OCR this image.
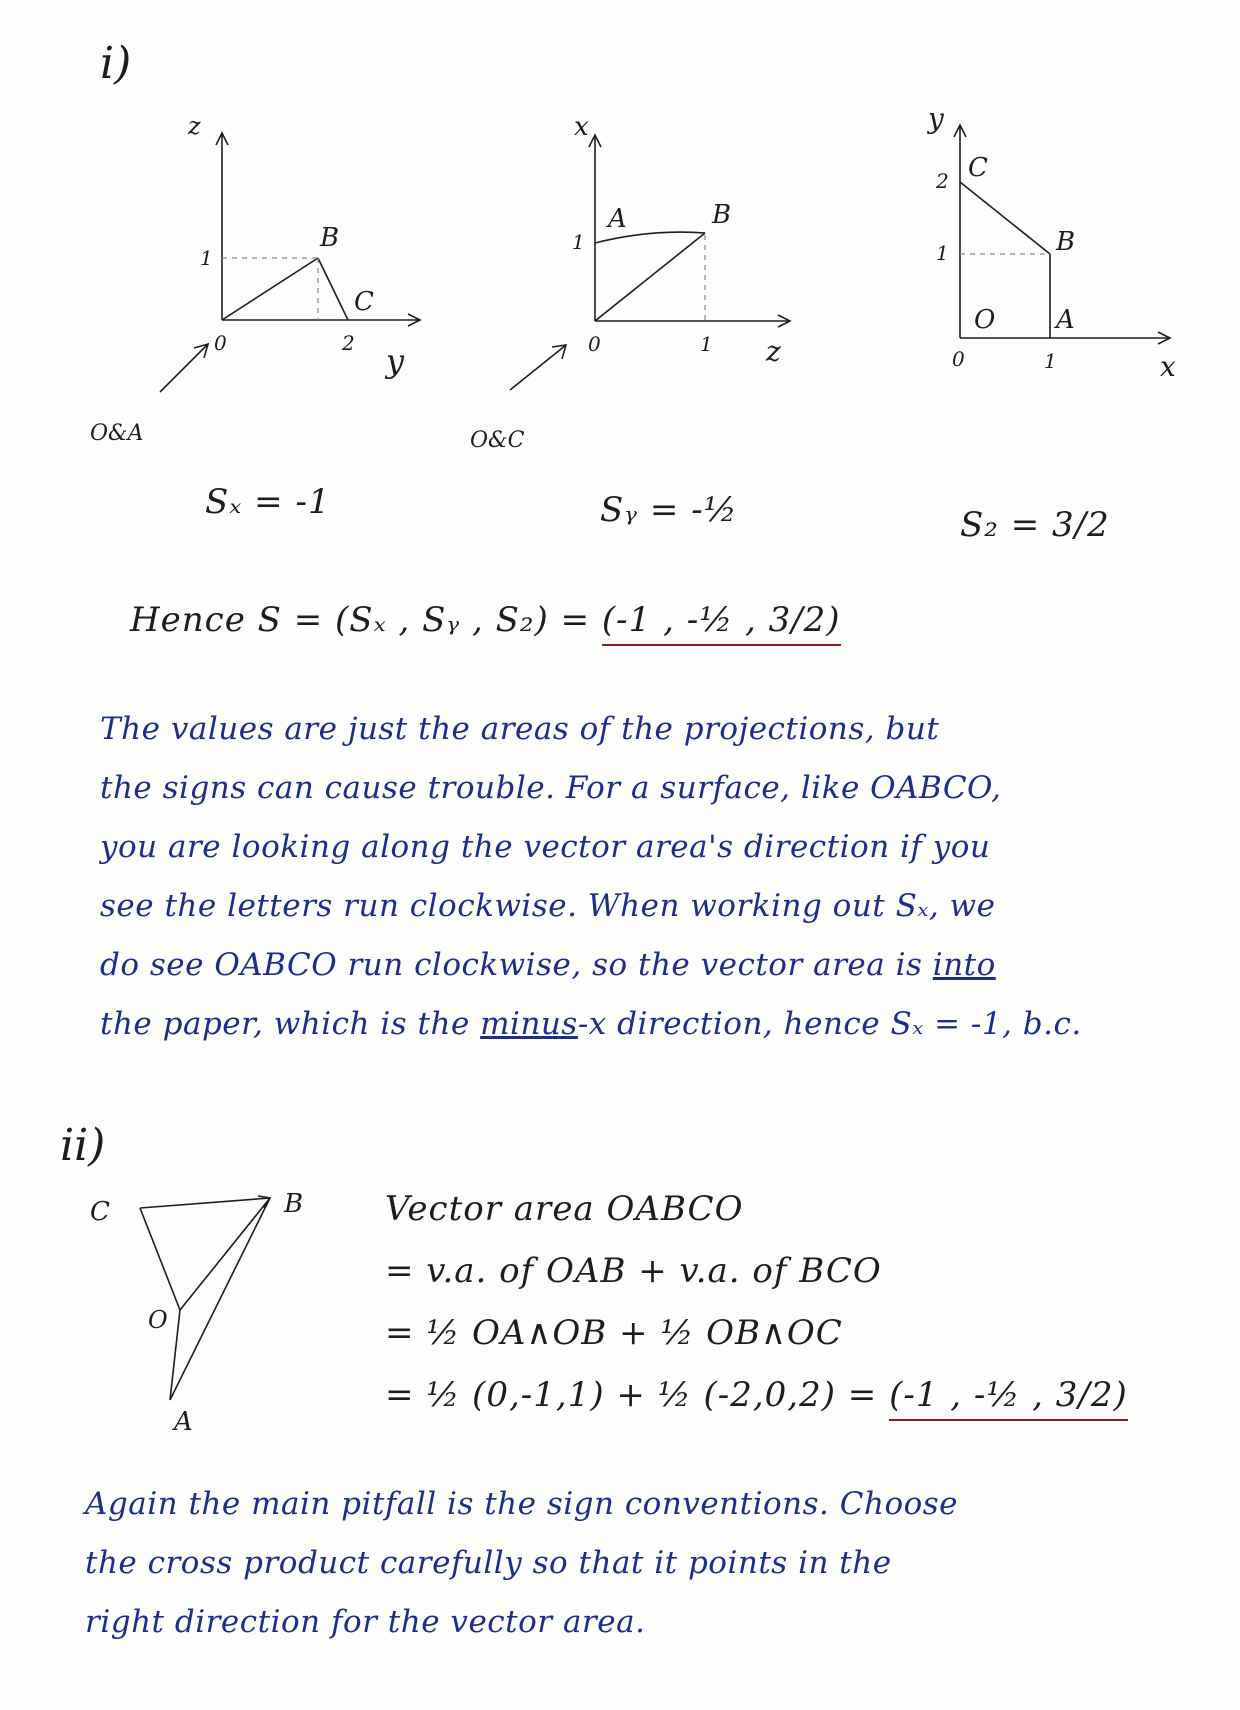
i)
z
y
1
2
0
B
C
O&A
x
z
1
1
0
A	B
O&C
y
x
1
2
1
0
C
B
O A
Sₓ = -1	Sᵧ = -½	S₂ = 3/2
Hence S = (Sₓ , Sᵧ , S₂) = (-1 , -½ , 3/2)
The values are just the areas of the projections, but
the signs can cause trouble. For a surface, like OABCO,
you are looking along the vector area's direction if you
see the letters run clockwise. When working out Sₓ, we
do see OABCO run clockwise, so the vector area is into
the paper, which is the minus-x direction, hence Sₓ = -1, b.c.
ii)
C	B
O
A
Vector area OABCO
= v.a. of OAB + v.a. of BCO
= ½ OA∧OB + ½ OB∧OC
= ½ (0,-1,1) + ½ (-2,0,2) = (-1 , -½ , 3/2)
Again the main pitfall is the sign conventions. Choose
the cross product carefully so that it points in the
right direction for the vector area.
